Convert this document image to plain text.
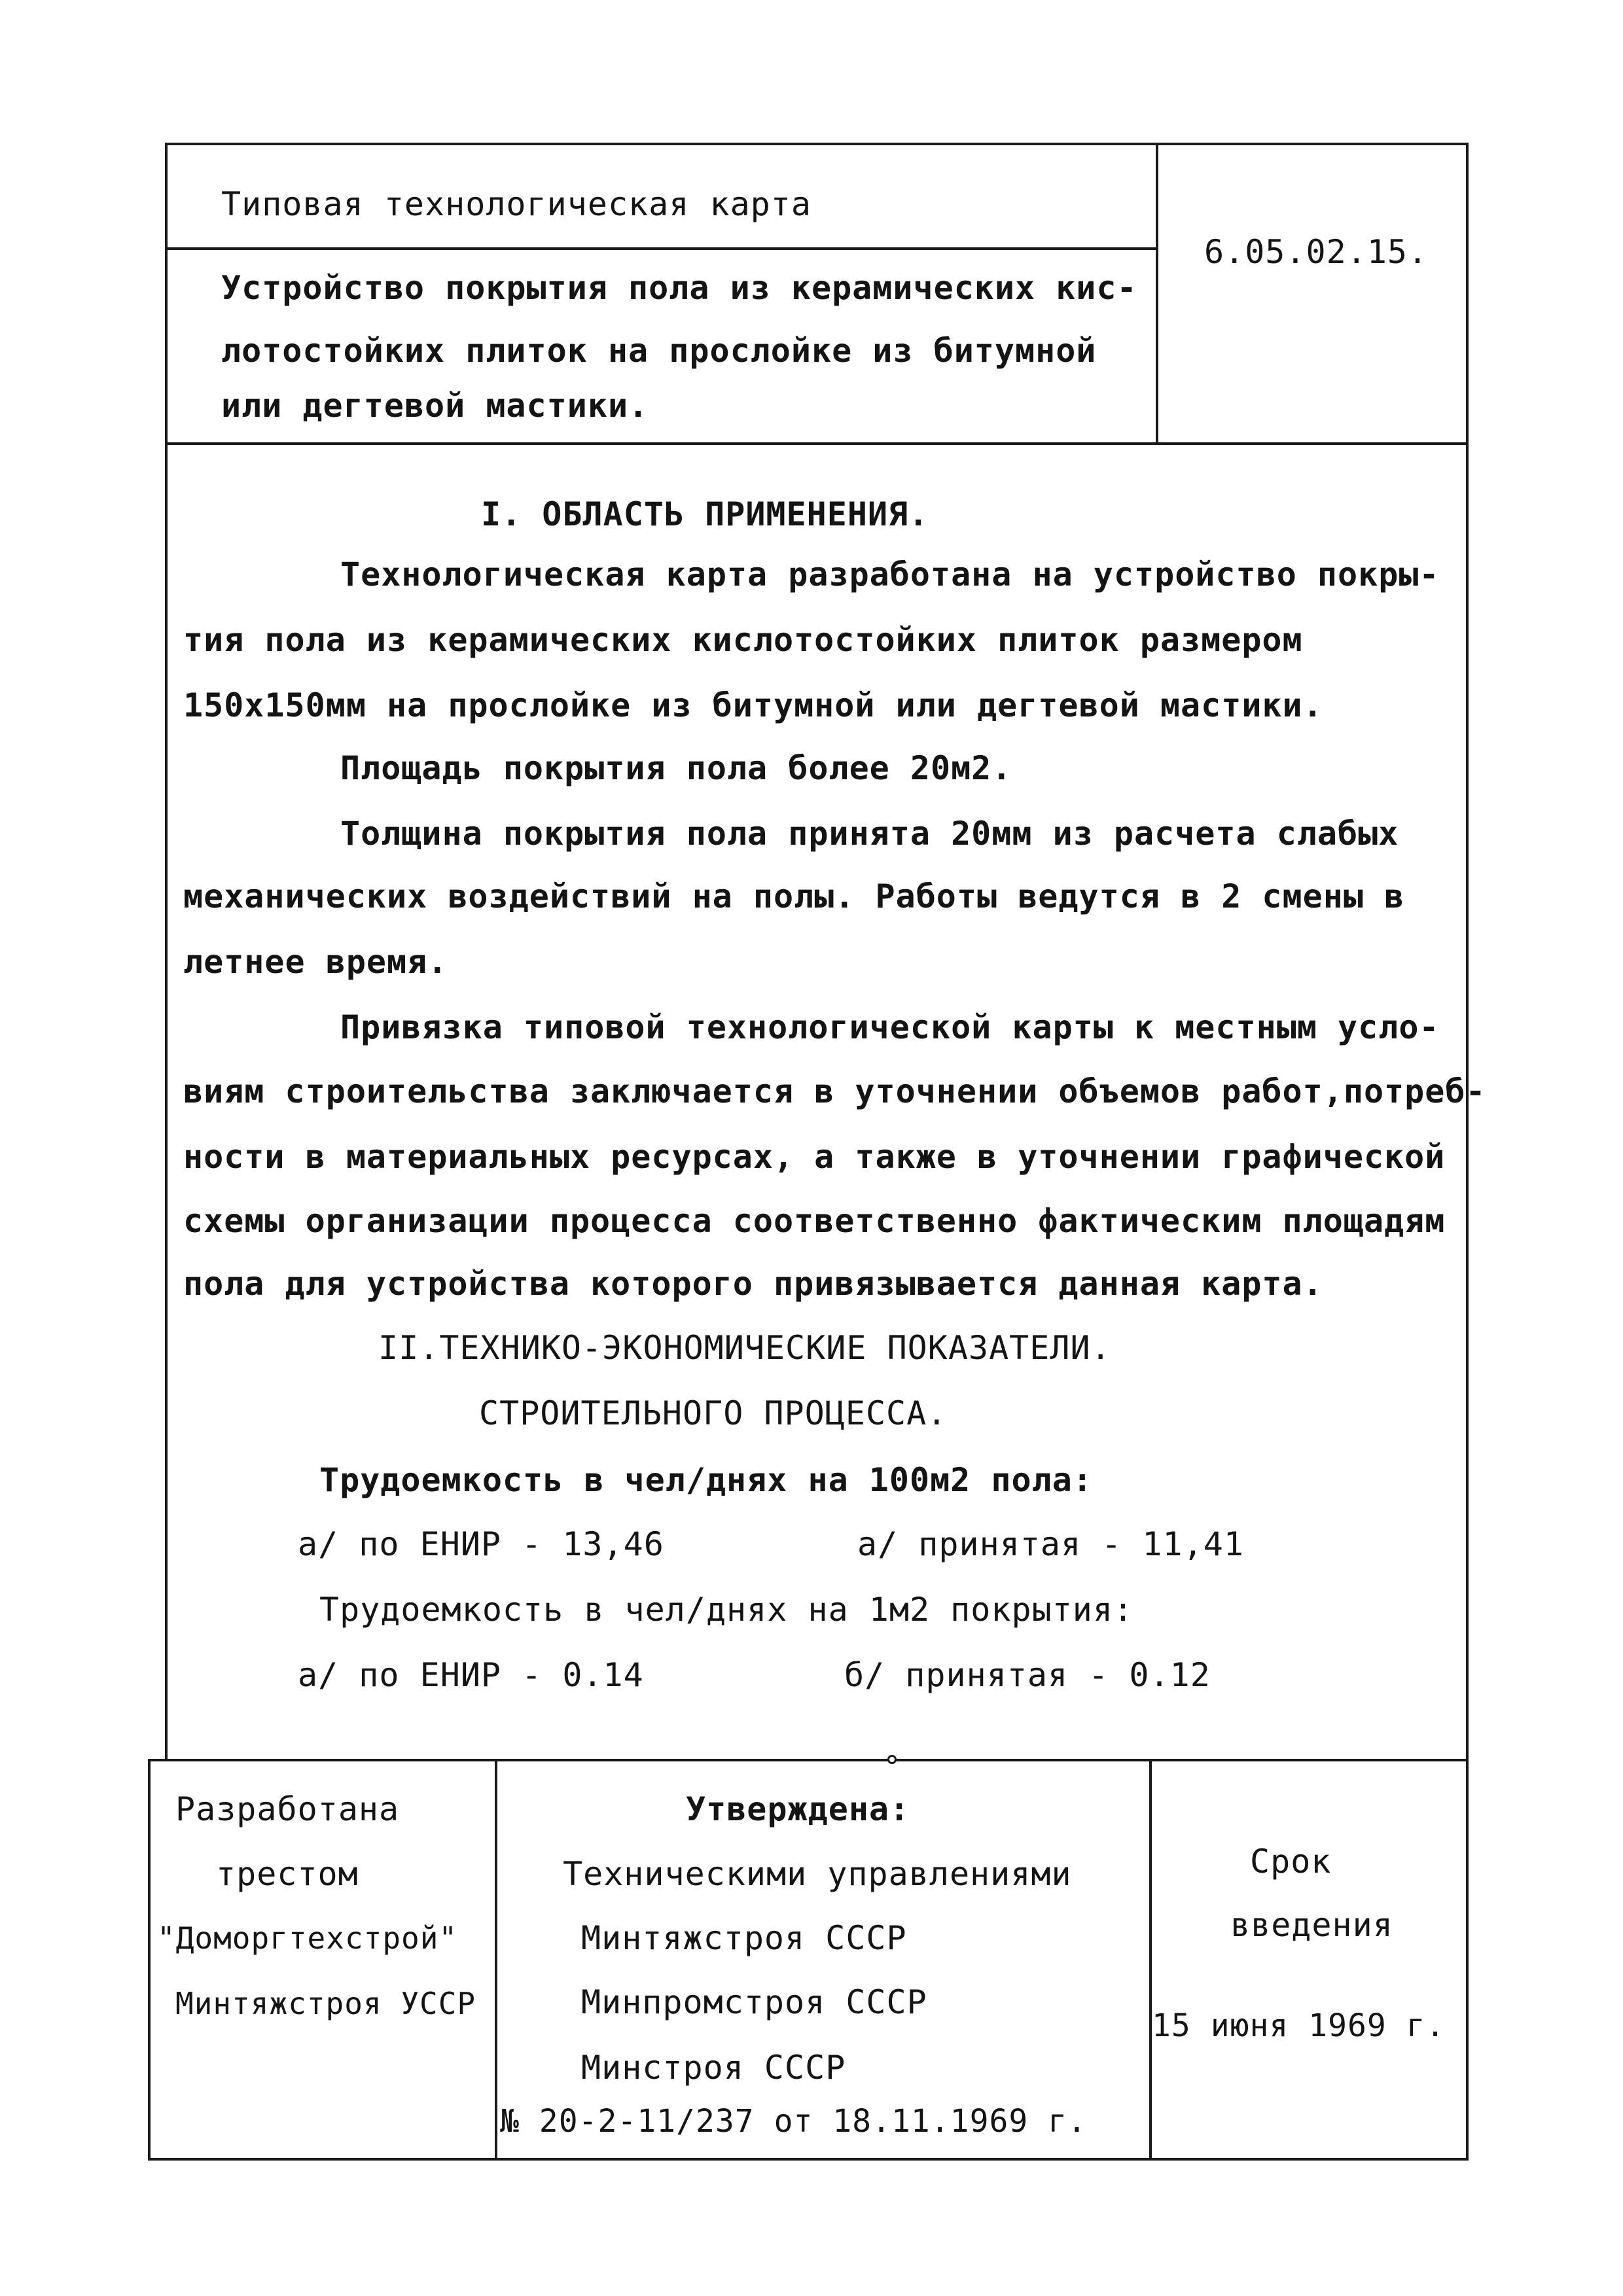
Типовая технологическая карта
6.05.02.15.
Устройство покрытия пола из керамических кис-
лотостойких плиток на прослойке из битумной
или дегтевой мастики.
I. ОБЛАСТЬ ПРИМЕНЕНИЯ.
Технологическая карта разработана на устройство покры-
тия пола из керамических кислотостойких плиток размером
150х150мм на прослойке из битумной или дегтевой мастики.
Площадь покрытия пола более 20м2.
Толщина покрытия пола принята 20мм из расчета слабых
механических воздействий на полы. Работы ведутся в 2 смены в
летнее время.
Привязка типовой технологической карты к местным усло-
виям строительства заключается в уточнении объемов работ,потреб-
ности в материальных ресурсах, а также в уточнении графической
схемы организации процесса соответственно фактическим площадям
пола для устройства которого привязывается данная карта.
II.ТЕХНИКО-ЭКОНОМИЧЕСКИЕ ПОКАЗАТЕЛИ.
СТРОИТЕЛЬНОГО ПРОЦЕССА.
Трудоемкость в чел/днях на 100м2 пола:
а/ по ЕНИР - 13,46	а/ принятая - 11,41
Трудоемкость в чел/днях на 1м2 покрытия:
а/ по ЕНИР - 0.14	б/ принятая - 0.12
Разработана
трестом
"Доморгтехстрой"
Минтяжстроя УССР
Утверждена:
Техническими управлениями
Минтяжстроя СССР
Минпромстроя СССР
Минстроя СССР
№ 20-2-11/237 от 18.11.1969 г.
Срок
введения
15 июня 1969 г.
